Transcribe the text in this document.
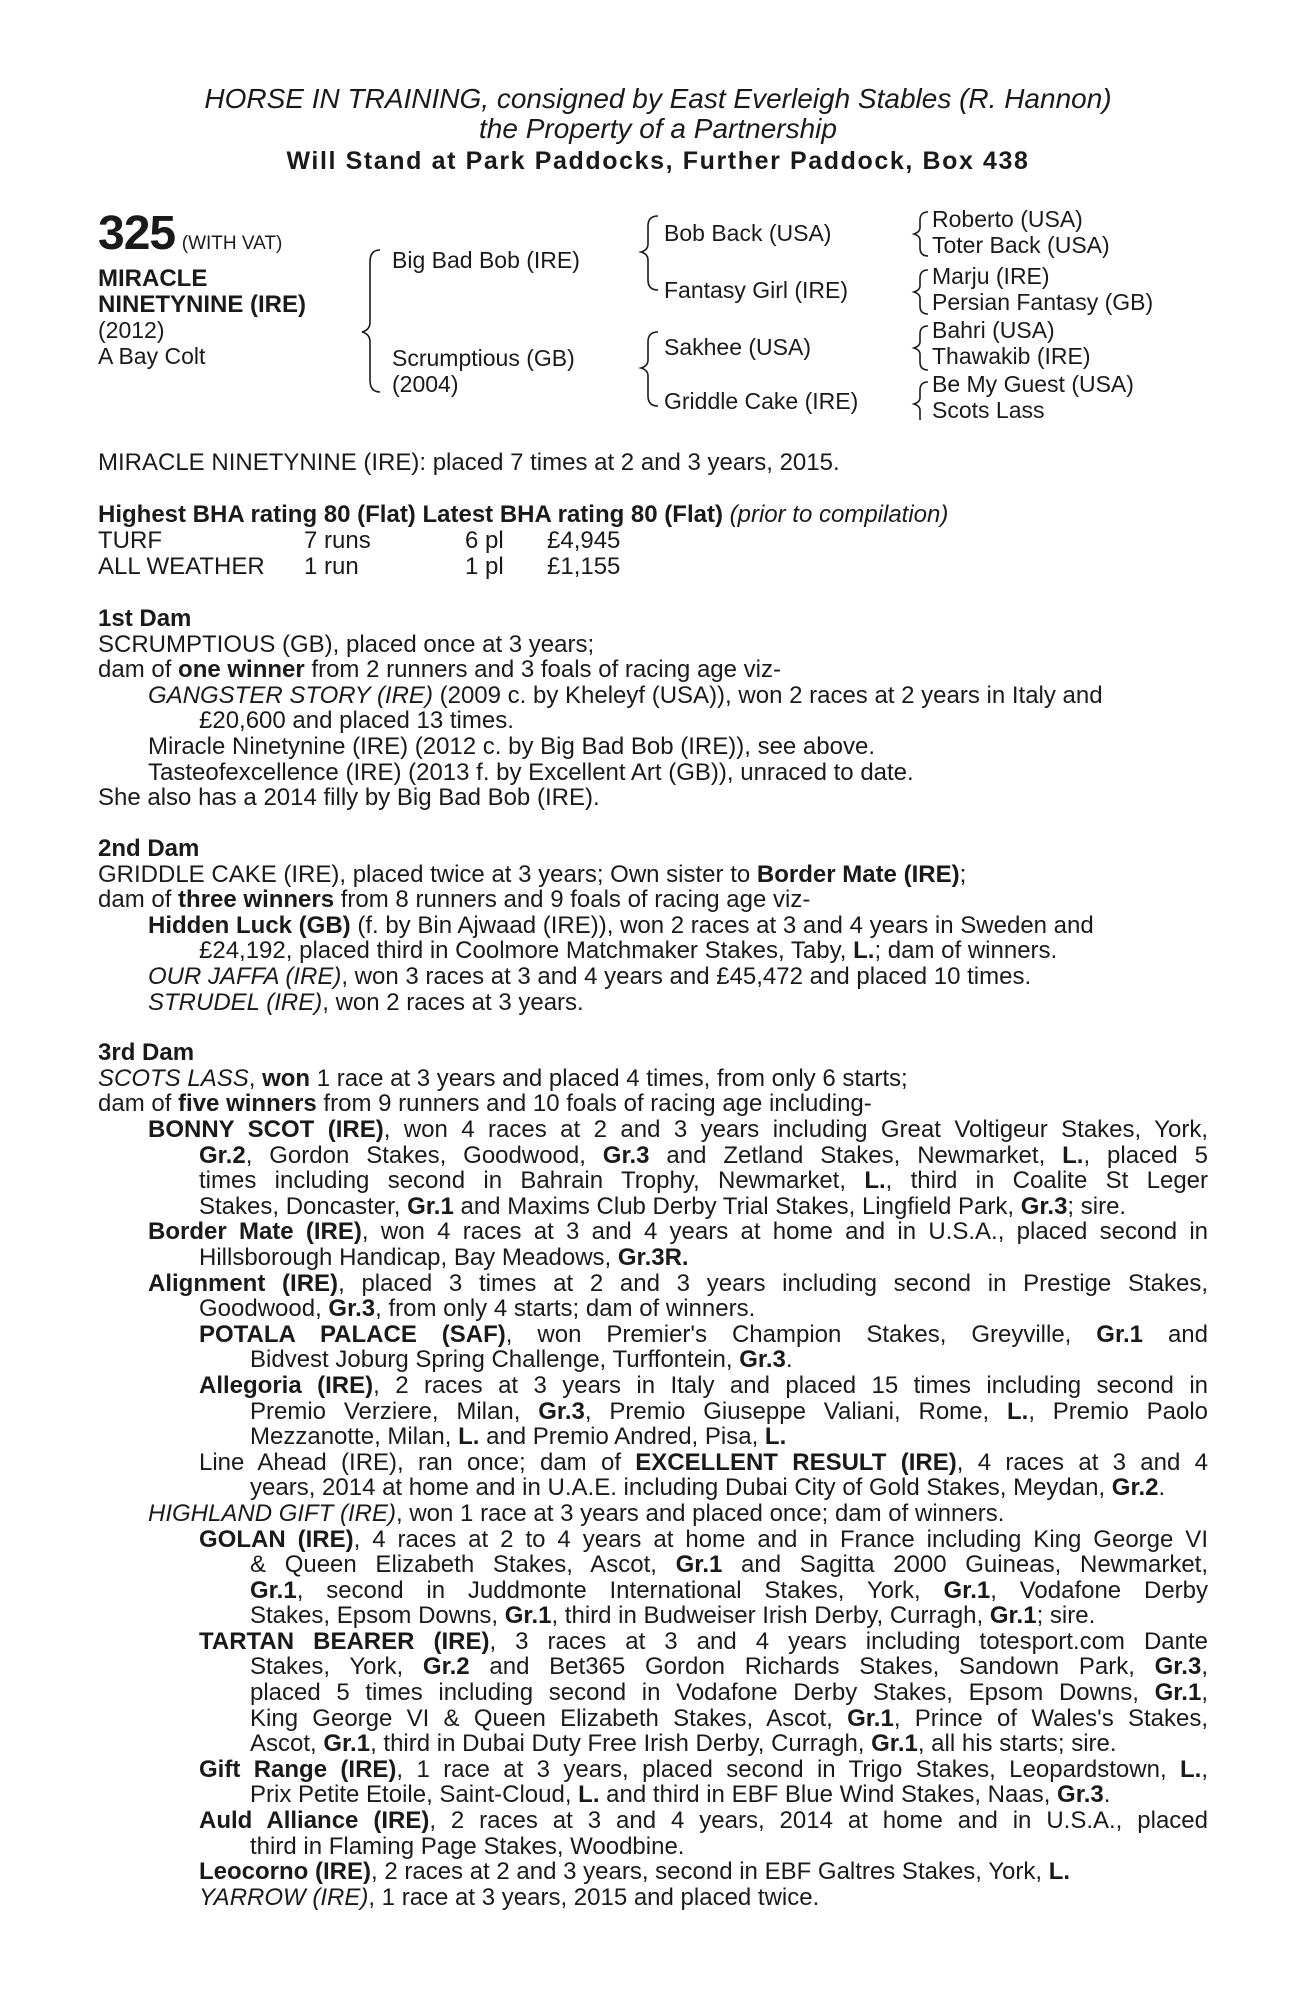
HORSE IN TRAINING, consigned by East Everleigh Stables (R. Hannon)
the Property of a Partnership
Will Stand at Park Paddocks, Further Paddock, Box 438
325 (WITH VAT)
MIRACLE
NINETYNINE (IRE)
(2012)
A Bay Colt
Big Bad Bob (IRE)
Scrumptious (GB)
(2004)
Bob Back (USA)
Fantasy Girl (IRE)
Sakhee (USA)
Griddle Cake (IRE)
Roberto (USA)
Toter Back (USA)
Marju (IRE)
Persian Fantasy (GB)
Bahri (USA)
Thawakib (IRE)
Be My Guest (USA)
Scots Lass
MIRACLE NINETYNINE (IRE): placed 7 times at 2 and 3 years, 2015.
Highest BHA rating 80 (Flat) Latest BHA rating 80 (Flat) (prior to compilation)
TURF	7 runs	6 pl £4,945
ALL WEATHER 1 run	1 pl £1,155
1st Dam
SCRUMPTIOUS (GB), placed once at 3 years;
dam of one winner from 2 runners and 3 foals of racing age viz-
GANGSTER STORY (IRE) (2009 c. by Kheleyf (USA)), won 2 races at 2 years in Italy and
£20,600 and placed 13 times.
Miracle Ninetynine (IRE) (2012 c. by Big Bad Bob (IRE)), see above.
Tasteofexcellence (IRE) (2013 f. by Excellent Art (GB)), unraced to date.
She also has a 2014 filly by Big Bad Bob (IRE).
2nd Dam
GRIDDLE CAKE (IRE), placed twice at 3 years; Own sister to Border Mate (IRE);
dam of three winners from 8 runners and 9 foals of racing age viz-
Hidden Luck (GB) (f. by Bin Ajwaad (IRE)), won 2 races at 3 and 4 years in Sweden and
£24,192, placed third in Coolmore Matchmaker Stakes, Taby, L.; dam of winners.
OUR JAFFA (IRE), won 3 races at 3 and 4 years and £45,472 and placed 10 times.
STRUDEL (IRE), won 2 races at 3 years.
3rd Dam
SCOTS LASS, won 1 race at 3 years and placed 4 times, from only 6 starts;
dam of five winners from 9 runners and 10 foals of racing age including-
BONNY SCOT (IRE), won 4 races at 2 and 3 years including Great Voltigeur Stakes, York,
Gr.2, Gordon Stakes, Goodwood, Gr.3 and Zetland Stakes, Newmarket, L., placed 5
times including second in Bahrain Trophy, Newmarket, L., third in Coalite St Leger
Stakes, Doncaster, Gr.1 and Maxims Club Derby Trial Stakes, Lingfield Park, Gr.3; sire.
Border Mate (IRE), won 4 races at 3 and 4 years at home and in U.S.A., placed second in
Hillsborough Handicap, Bay Meadows, Gr.3R.
Alignment (IRE), placed 3 times at 2 and 3 years including second in Prestige Stakes,
Goodwood, Gr.3, from only 4 starts; dam of winners.
POTALA PALACE (SAF), won Premier's Champion Stakes, Greyville, Gr.1 and
Bidvest Joburg Spring Challenge, Turffontein, Gr.3.
Allegoria (IRE), 2 races at 3 years in Italy and placed 15 times including second in
Premio Verziere, Milan, Gr.3, Premio Giuseppe Valiani, Rome, L., Premio Paolo
Mezzanotte, Milan, L. and Premio Andred, Pisa, L.
Line Ahead (IRE), ran once; dam of EXCELLENT RESULT (IRE), 4 races at 3 and 4
years, 2014 at home and in U.A.E. including Dubai City of Gold Stakes, Meydan, Gr.2.
HIGHLAND GIFT (IRE), won 1 race at 3 years and placed once; dam of winners.
GOLAN (IRE), 4 races at 2 to 4 years at home and in France including King George VI
& Queen Elizabeth Stakes, Ascot, Gr.1 and Sagitta 2000 Guineas, Newmarket,
Gr.1, second in Juddmonte International Stakes, York, Gr.1, Vodafone Derby
Stakes, Epsom Downs, Gr.1, third in Budweiser Irish Derby, Curragh, Gr.1; sire.
TARTAN BEARER (IRE), 3 races at 3 and 4 years including totesport.com Dante
Stakes, York, Gr.2 and Bet365 Gordon Richards Stakes, Sandown Park, Gr.3,
placed 5 times including second in Vodafone Derby Stakes, Epsom Downs, Gr.1,
King George VI & Queen Elizabeth Stakes, Ascot, Gr.1, Prince of Wales's Stakes,
Ascot, Gr.1, third in Dubai Duty Free Irish Derby, Curragh, Gr.1, all his starts; sire.
Gift Range (IRE), 1 race at 3 years, placed second in Trigo Stakes, Leopardstown, L.,
Prix Petite Etoile, Saint-Cloud, L. and third in EBF Blue Wind Stakes, Naas, Gr.3.
Auld Alliance (IRE), 2 races at 3 and 4 years, 2014 at home and in U.S.A., placed
third in Flaming Page Stakes, Woodbine.
Leocorno (IRE), 2 races at 2 and 3 years, second in EBF Galtres Stakes, York, L.
YARROW (IRE), 1 race at 3 years, 2015 and placed twice.
